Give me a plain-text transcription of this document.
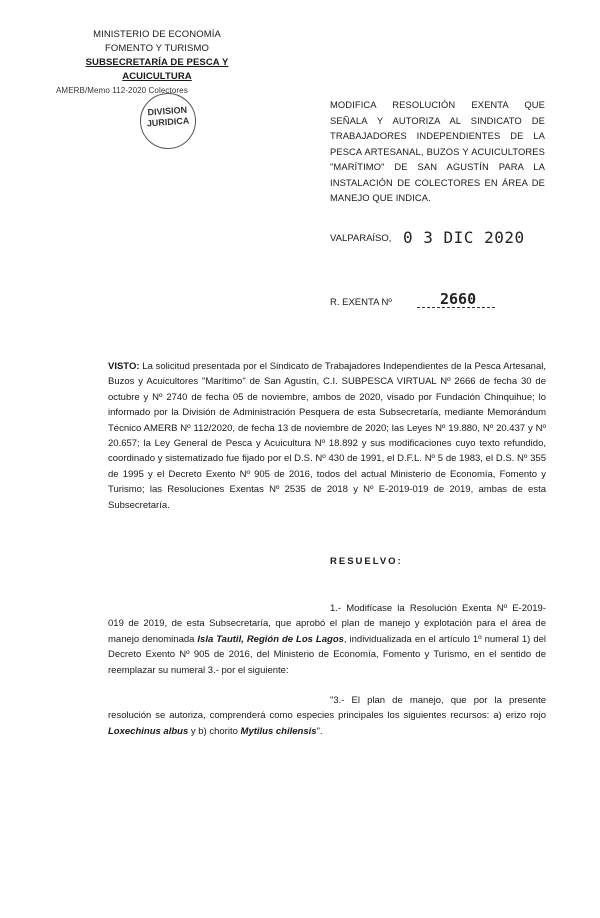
MINISTERIO DE ECONOMÍA
FOMENTO Y TURISMO
SUBSECRETARÍA DE PESCA Y ACUICULTURA
AMERB/Memo 112-2020 Colectores
DIVISION
JURIDICA
MODIFICA RESOLUCIÓN EXENTA QUE SEÑALA Y AUTORIZA AL SINDICATO DE TRABAJADORES INDEPENDIENTES DE LA PESCA ARTESANAL, BUZOS Y ACUICULTORES "MARÍTIMO" DE SAN AGUSTÍN PARA LA INSTALACIÓN DE COLECTORES EN ÁREA DE MANEJO QUE INDICA.
VALPARAÍSO, 0 3 DIC 2020
R. EXENTA Nº	2660
VISTO: La solicitud presentada por el Sindicato de Trabajadores Independientes de la Pesca Artesanal, Buzos y Acuicultores "Marítimo" de San Agustín, C.I. SUBPESCA VIRTUAL Nº 2666 de fecha 30 de octubre y Nº 2740 de fecha 05 de noviembre, ambos de 2020, visado por Fundación Chinquihue; lo informado por la División de Administración Pesquera de esta Subsecretaría, mediante Memorándum Técnico AMERB Nº 112/2020, de fecha 13 de noviembre de 2020; las Leyes Nº 19.880, Nº 20.437 y Nº 20.657; la Ley General de Pesca y Acuicultura Nº 18.892 y sus modificaciones cuyo texto refundido, coordinado y sistematizado fue fijado por el D.S. Nº 430 de 1991, el D.F.L. Nº 5 de 1983, el D.S. Nº 355 de 1995 y el Decreto Exento Nº 905 de 2016, todos del actual Ministerio de Economía, Fomento y Turismo; las Resoluciones Exentas Nº 2535 de 2018 y Nº E-2019-019 de 2019, ambas de esta Subsecretaría.
RESUELVO:
1.- Modifícase la Resolución Exenta Nº E-2019-019 de 2019, de esta Subsecretaría, que aprobó el plan de manejo y explotación para el área de manejo denominada Isla Tautil, Región de Los Lagos, individualizada en el artículo 1º numeral 1) del Decreto Exento Nº 905 de 2016, del Ministerio de Economía, Fomento y Turismo, en el sentido de reemplazar su numeral 3.- por el siguiente:
"3.- El plan de manejo, que por la presente resolución se autoriza, comprenderá como especies principales los siguientes recursos: a) erizo rojo Loxechinus albus y b) chorito Mytilus chilensis".
